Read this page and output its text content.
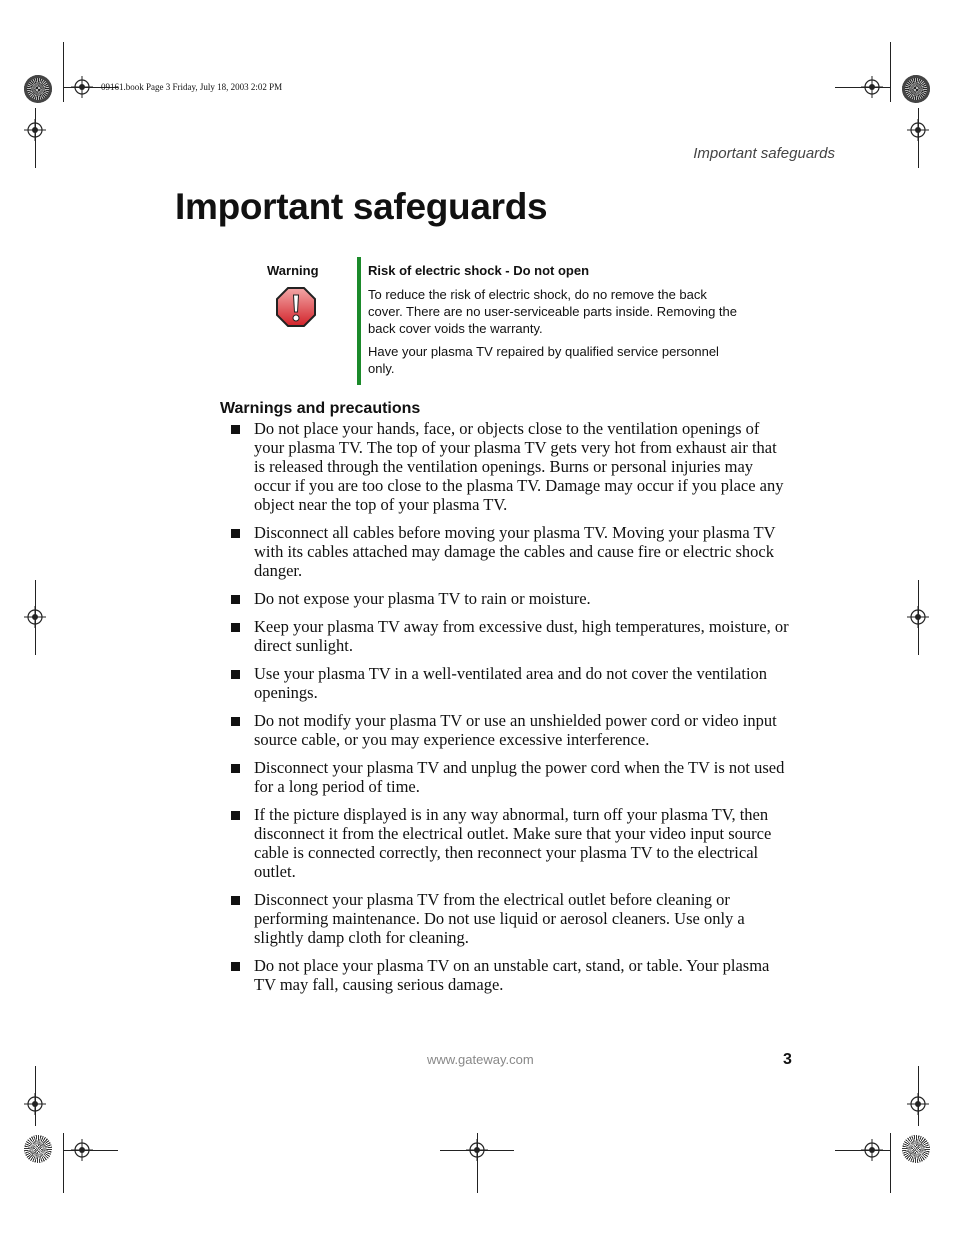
09161.book Page 3 Friday, July 18, 2003 2:02 PM
Important safeguards
Important safeguards
Warning	Risk of electric shock - Do not open

To reduce the risk of electric shock, do no remove the back cover. There are no user-serviceable parts inside. Removing the back cover voids the warranty.

Have your plasma TV repaired by qualified service personnel only.

Warnings and precautions
Do not place your hands, face, or objects close to the ventilation openings of your plasma TV. The top of your plasma TV gets very hot from exhaust air that is released through the ventilation openings. Burns or personal injuries may occur if you are too close to the plasma TV. Damage may occur if you place any object near the top of your plasma TV.
Disconnect all cables before moving your plasma TV. Moving your plasma TV with its cables attached may damage the cables and cause fire or electric shock danger.
Do not expose your plasma TV to rain or moisture.
Keep your plasma TV away from excessive dust, high temperatures, moisture, or direct sunlight.
Use your plasma TV in a well-ventilated area and do not cover the ventilation openings.
Do not modify your plasma TV or use an unshielded power cord or video input source cable, or you may experience excessive interference.
Disconnect your plasma TV and unplug the power cord when the TV is not used for a long period of time.
If the picture displayed is in any way abnormal, turn off your plasma TV, then disconnect it from the electrical outlet. Make sure that your video input source cable is connected correctly, then reconnect your plasma TV to the electrical outlet.
Disconnect your plasma TV from the electrical outlet before cleaning or performing maintenance. Do not use liquid or aerosol cleaners. Use only a slightly damp cloth for cleaning.
Do not place your plasma TV on an unstable cart, stand, or table. Your plasma TV may fall, causing serious damage.
www.gateway.com	3
